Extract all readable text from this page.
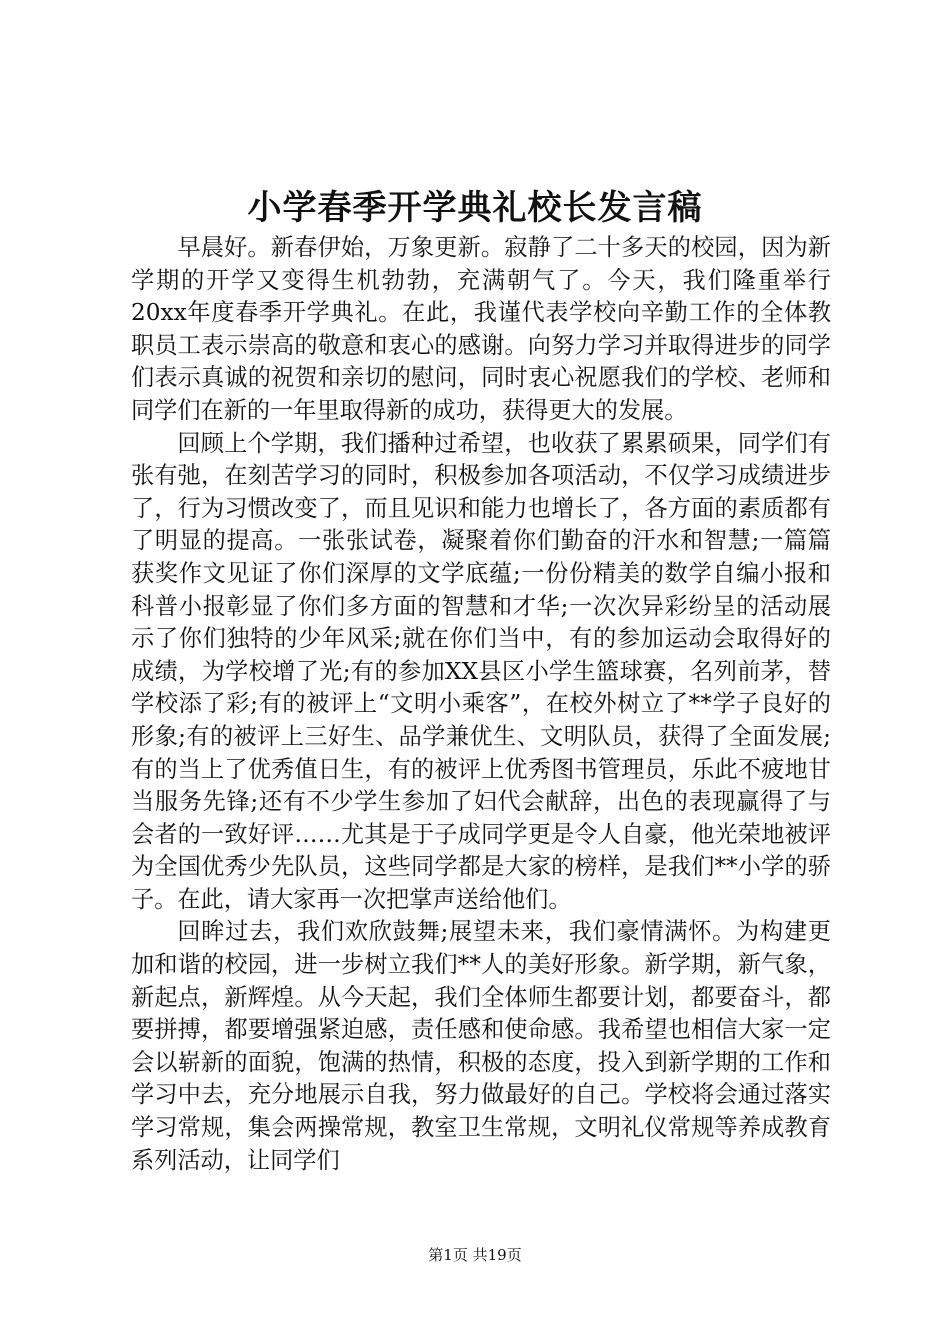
小学春季开学典礼校长发言稿

早晨好。新春伊始，万象更新。寂静了二十多天的校园，因为新学期的开学又变得生机勃勃，充满朝气了。今天，我们隆重举行20xx年度春季开学典礼。在此，我谨代表学校向辛勤工作的全体教职员工表示崇高的敬意和衷心的感谢。向努力学习并取得进步的同学们表示真诚的祝贺和亲切的慰问，同时衷心祝愿我们的学校、老师和同学们在新的一年里取得新的成功，获得更大的发展。

回顾上个学期，我们播种过希望，也收获了累累硕果，同学们有张有弛，在刻苦学习的同时，积极参加各项活动，不仅学习成绩进步了，行为习惯改变了，而且见识和能力也增长了，各方面的素质都有了明显的提高。一张张试卷，凝聚着你们勤奋的汗水和智慧;一篇篇获奖作文见证了你们深厚的文学底蕴;一份份精美的数学自编小报和科普小报彰显了你们多方面的智慧和才华;一次次异彩纷呈的活动展示了你们独特的少年风采;就在你们当中，有的参加运动会取得好的成绩，为学校增了光;有的参加XX县区小学生篮球赛，名列前茅，替学校添了彩;有的被评上“文明小乘客”，在校外树立了**学子良好的形象;有的被评上三好生、品学兼优生、文明队员，获得了全面发展;有的当上了优秀值日生，有的被评上优秀图书管理员，乐此不疲地甘当服务先锋;还有不少学生参加了妇代会献辞，出色的表现赢得了与会者的一致好评……尤其是于子成同学更是令人自豪，他光荣地被评为全国优秀少先队员，这些同学都是大家的榜样，是我们**小学的骄子。在此，请大家再一次把掌声送给他们。

回眸过去，我们欢欣鼓舞;展望未来，我们豪情满怀。为构建更加和谐的校园，进一步树立我们**人的美好形象。新学期，新气象，新起点，新辉煌。从今天起，我们全体师生都要计划，都要奋斗，都要拼搏，都要增强紧迫感，责任感和使命感。我希望也相信大家一定会以崭新的面貌，饱满的热情，积极的态度，投入到新学期的工作和学习中去，充分地展示自我，努力做最好的自己。学校将会通过落实学习常规，集会两操常规，教室卫生常规，文明礼仪常规等养成教育系列活动，让同学们

第1页 共19页
